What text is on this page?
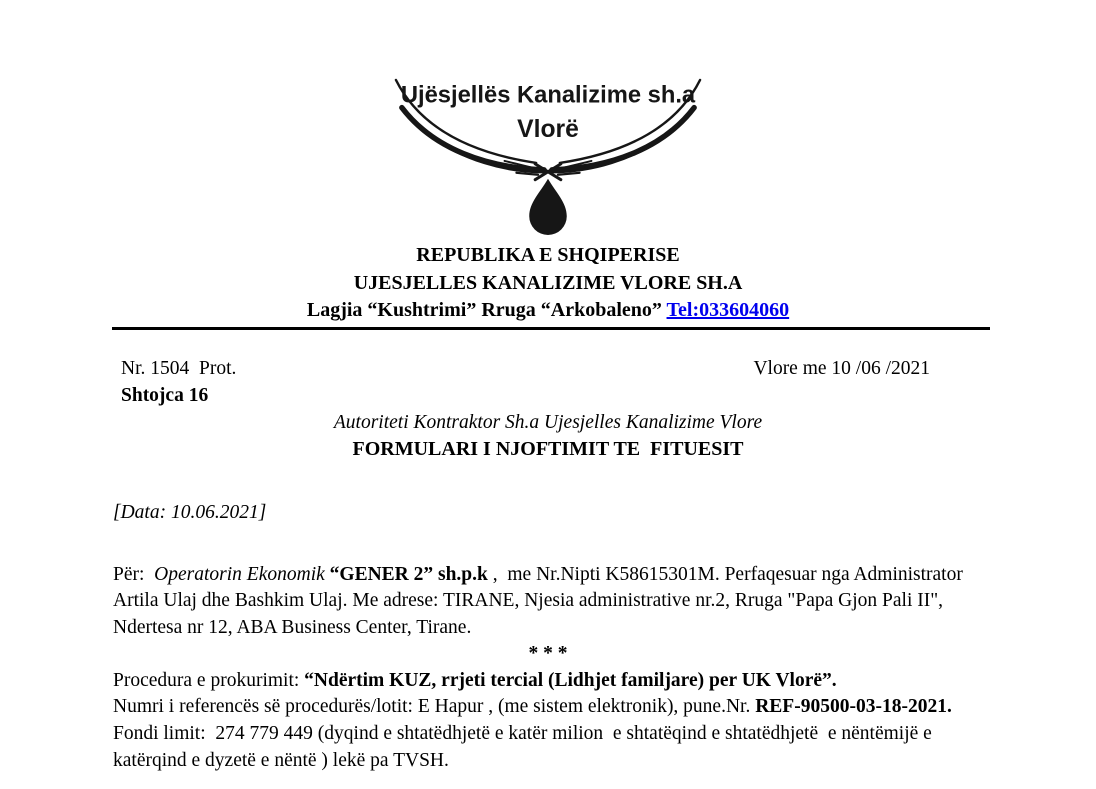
Ujësjellës Kanalizime sh.a
Vlorë
REPUBLIKA E SHQIPERISE
UJESJELLES KANALIZIME VLORE SH.A
Lagjia “Kushtrimi” Rruga “Arkobaleno” Tel:033604060
Nr. 1504  Prot.	Vlore me 10 /06 /2021
Shtojca 16
Autoriteti Kontraktor Sh.a Ujesjelles Kanalizime Vlore
FORMULARI I NJOFTIMIT TE  FITUESIT
[Data: 10.06.2021]

Për:  Operatorin Ekonomik “GENER 2” sh.p.k ,  me Nr.Nipti K58615301M. Perfaqesuar nga Administrator  Artila Ulaj dhe Bashkim Ulaj. Me adrese: TIRANE, Njesia administrative nr.2, Rruga "Papa Gjon Pali II", Ndertesa nr 12, ABA Business Center, Tirane.

* * *

Procedura e prokurimit: “Ndërtim KUZ, rrjeti tercial (Lidhjet familjare) per UK Vlorë”.

Numri i referencës së procedurës/lotit: E Hapur , (me sistem elektronik), pune.Nr. REF-90500-03-18-2021.

Fondi limit:  274 779 449 (dyqind e shtatëdhjetë e katër milion  e shtatëqind e shtatëdhjetë  e nëntëmijë e katërqind e dyzetë e nëntë ) lekë pa TVSH.
